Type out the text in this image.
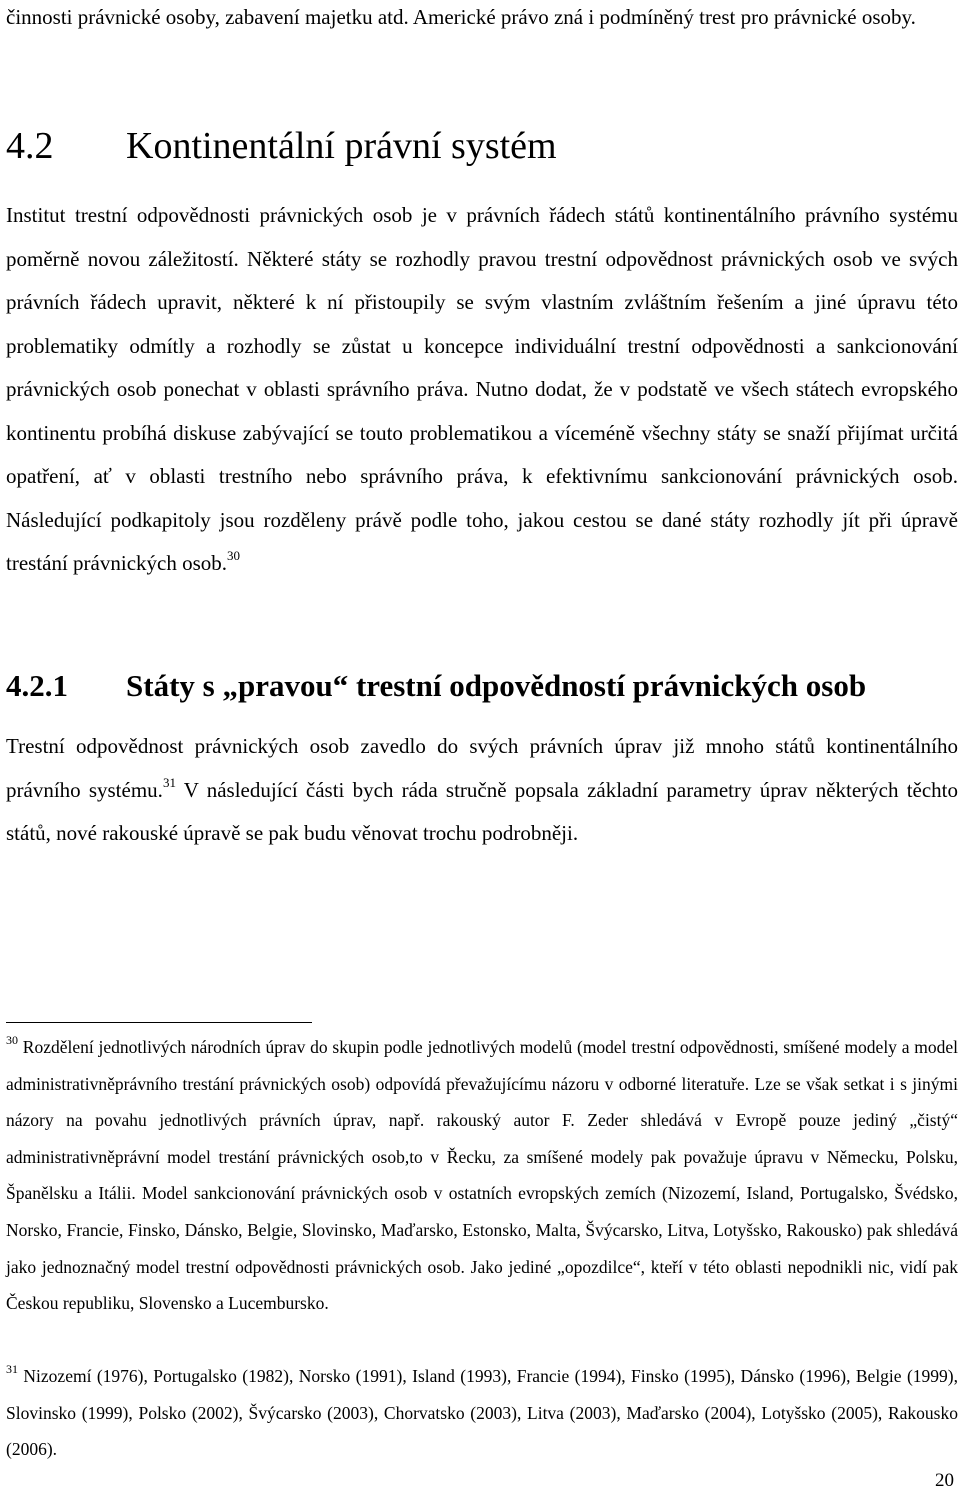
činnosti právnické osoby, zabavení majetku atd. Americké právo zná i podmíněný trest pro právnické osoby.

4.2 Kontinentální právní systém

Institut trestní odpovědnosti právnických osob je v právních řádech států kontinentálního právního systému poměrně novou záležitostí. Některé státy se rozhodly pravou trestní odpovědnost právnických osob ve svých právních řádech upravit, některé k ní přistoupily se svým vlastním zvláštním řešením a jiné úpravu této problematiky odmítly a rozhodly se zůstat u koncepce individuální trestní odpovědnosti a sankcionování právnických osob ponechat v oblasti správního práva. Nutno dodat, že v podstatě ve všech státech evropského kontinentu probíhá diskuse zabývající se touto problematikou a víceméně všechny státy se snaží přijímat určitá opatření, ať v oblasti trestního nebo správního práva, k efektivnímu sankcionování právnických osob. Následující podkapitoly jsou rozděleny právě podle toho, jakou cestou se dané státy rozhodly jít při úpravě trestání právnických osob.$^{30}$

4.2.1 Státy s „pravou“ trestní odpovědností právnických osob

Trestní odpovědnost právnických osob zavedlo do svých právních úprav již mnoho států kontinentálního právního systému.$^{31}$ V následující části bych ráda stručně popsala základní parametry úprav některých těchto států, nové rakouské úpravě se pak budu věnovat trochu podrobněji.

$^{30}$ Rozdělení jednotlivých národních úprav do skupin podle jednotlivých modelů (model trestní odpovědnosti, smíšené modely a model administrativněprávního trestání právnických osob) odpovídá převažujícímu názoru v odborné literatuře. Lze se však setkat i s jinými názory na povahu jednotlivých právních úprav, např. rakouský autor F. Zeder shledává v Evropě pouze jediný „čistý“ administrativněprávní model trestání právnických osob,to v Řecku, za smíšené modely pak považuje úpravu v Německu, Polsku, Španělsku a Itálii. Model sankcionování právnických osob v ostatních evropských zemích (Nizozemí, Island, Portugalsko, Švédsko, Norsko, Francie, Finsko, Dánsko, Belgie, Slovinsko, Maďarsko, Estonsko, Malta, Švýcarsko, Litva, Lotyšsko, Rakousko) pak shledává jako jednoznačný model trestní odpovědnosti právnických osob. Jako jediné „opozdilce“, kteří v této oblasti nepodnikli nic, vidí pak Českou republiku, Slovensko a Lucembursko.

$^{31}$ Nizozemí (1976), Portugalsko (1982), Norsko (1991), Island (1993), Francie (1994), Finsko (1995), Dánsko (1996), Belgie (1999), Slovinsko (1999), Polsko (2002), Švýcarsko (2003), Chorvatsko (2003), Litva (2003), Maďarsko (2004), Lotyšsko (2005), Rakousko (2006).

20
